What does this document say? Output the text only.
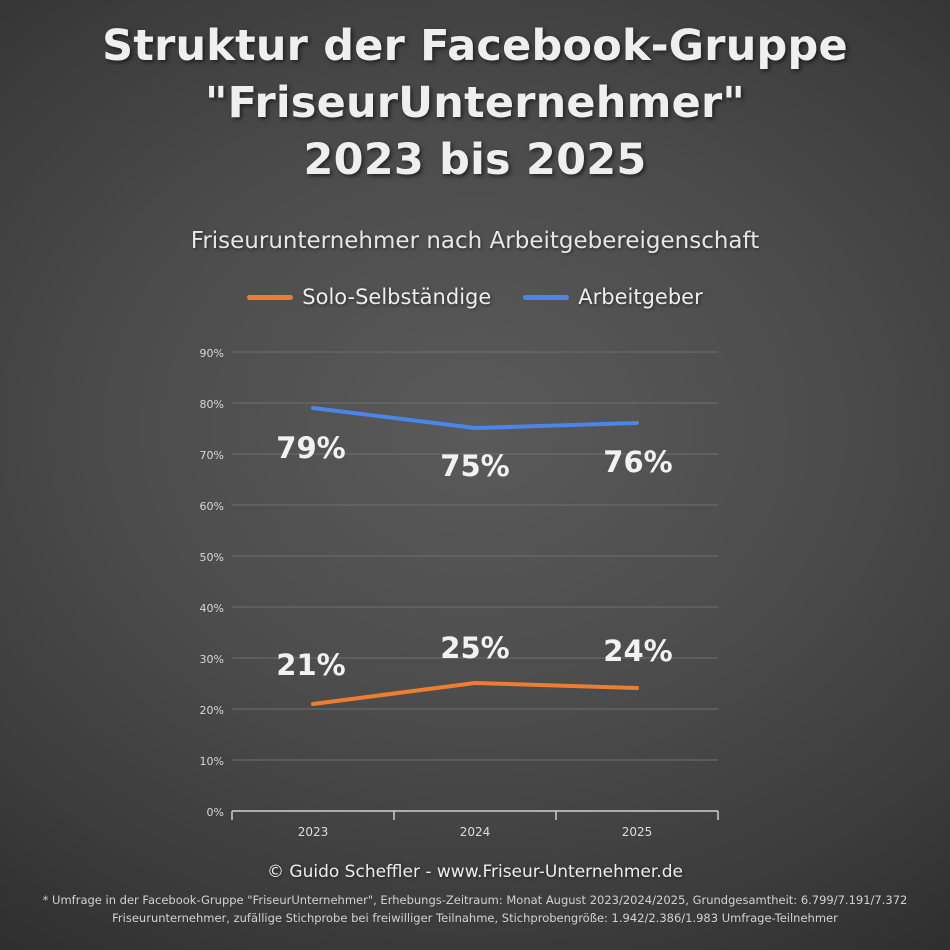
Struktur der Facebook-Gruppe
"FriseurUnternehmer"
2023 bis 2025
Friseurunternehmer nach Arbeitgebereigenschaft
Solo-Selbständige	Arbeitgeber
0%
10%
20%
30%
40%
50%
60%
70%
80%
90%
2023	2024	2025
79%
75%	76%
21%	25%	24%
© Guido Scheffler - www.Friseur-Unternehmer.de
* Umfrage in der Facebook-Gruppe "FriseurUnternehmer", Erhebungs-Zeitraum: Monat August 2023/2024/2025, Grundgesamtheit: 6.799/7.191/7.372
Friseurunternehmer, zufällige Stichprobe bei freiwilliger Teilnahme, Stichprobengröße: 1.942/2.386/1.983 Umfrage-Teilnehmer
